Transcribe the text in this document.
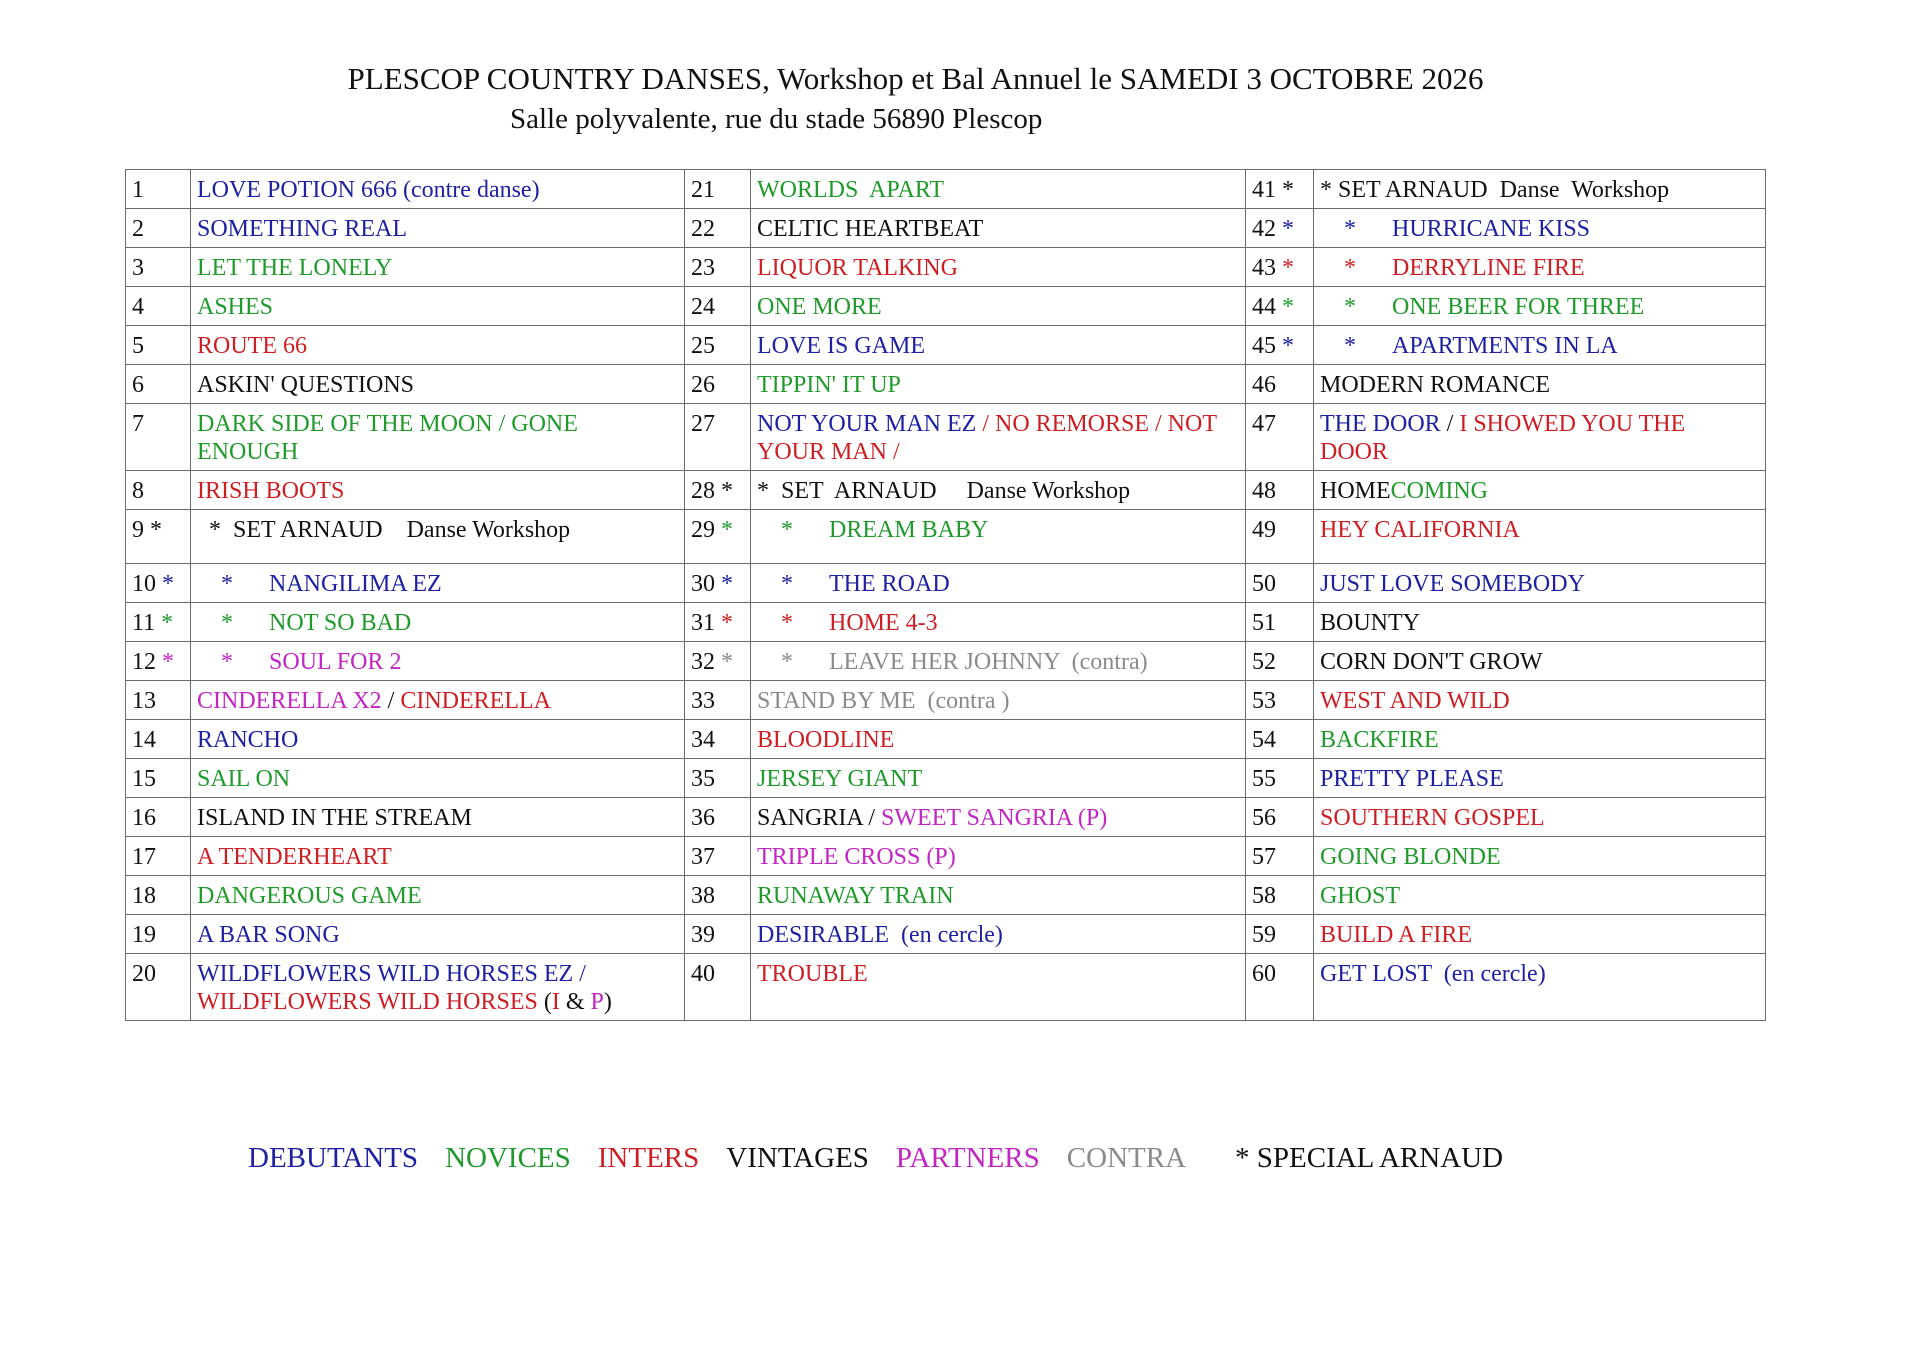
PLESCOP COUNTRY DANSES, Workshop et Bal Annuel le SAMEDI 3 OCTOBRE 2026
Salle polyvalente, rue du stade 56890 Plescop
1	LOVE POTION 666 (contre danse)	21	WORLDS  APART	41 *	* SET ARNAUD  Danse  Workshop
2	SOMETHING REAL	22	CELTIC HEARTBEAT	42 *	* HURRICANE KISS
3	LET THE LONELY	23	LIQUOR TALKING	43 *	* DERRYLINE FIRE
4	ASHES	24	ONE MORE	44 *	* ONE BEER FOR THREE
5	ROUTE 66	25	LOVE IS GAME	45 *	* APARTMENTS IN LA
6	ASKIN' QUESTIONS	26	TIPPIN' IT UP	46	MODERN ROMANCE
7	DARK SIDE OF THE MOON / GONE ENOUGH	27	NOT YOUR MAN EZ / NO REMORSE / NOT YOUR MAN /	47	THE DOOR / I SHOWED YOU THE DOOR
8	IRISH BOOTS	28 *	*  SET  ARNAUD     Danse Workshop	48	HOMECOMING
9 *	*  SET ARNAUD    Danse Workshop	29 *	* DREAM BABY	49	HEY CALIFORNIA
10 *	* NANGILIMA EZ	30 *	* THE ROAD	50	JUST LOVE SOMEBODY
11 *	* NOT SO BAD	31 *	* HOME 4-3	51	BOUNTY
12 *	* SOUL FOR 2	32 *	* LEAVE HER JOHNNY  (contra)	52	CORN DON'T GROW
13	CINDERELLA X2 / CINDERELLA	33	STAND BY ME  (contra )	53	WEST AND WILD
14	RANCHO	34	BLOODLINE	54	BACKFIRE
15	SAIL ON	35	JERSEY GIANT	55	PRETTY PLEASE
16	ISLAND IN THE STREAM	36	SANGRIA / SWEET SANGRIA (P)	56	SOUTHERN GOSPEL
17	A TENDERHEART	37	TRIPLE CROSS (P)	57	GOING BLONDE
18	DANGEROUS GAME	38	RUNAWAY TRAIN	58	GHOST
19	A BAR SONG	39	DESIRABLE  (en cercle)	59	BUILD A FIRE
20	WILDFLOWERS WILD HORSES EZ /
WILDFLOWERS WILD HORSES (I & P)	40	TROUBLE	60	GET LOST  (en cercle)
DEBUTANTS NOVICES INTERS VINTAGES PARTNERS CONTRA * SPECIAL ARNAUD
